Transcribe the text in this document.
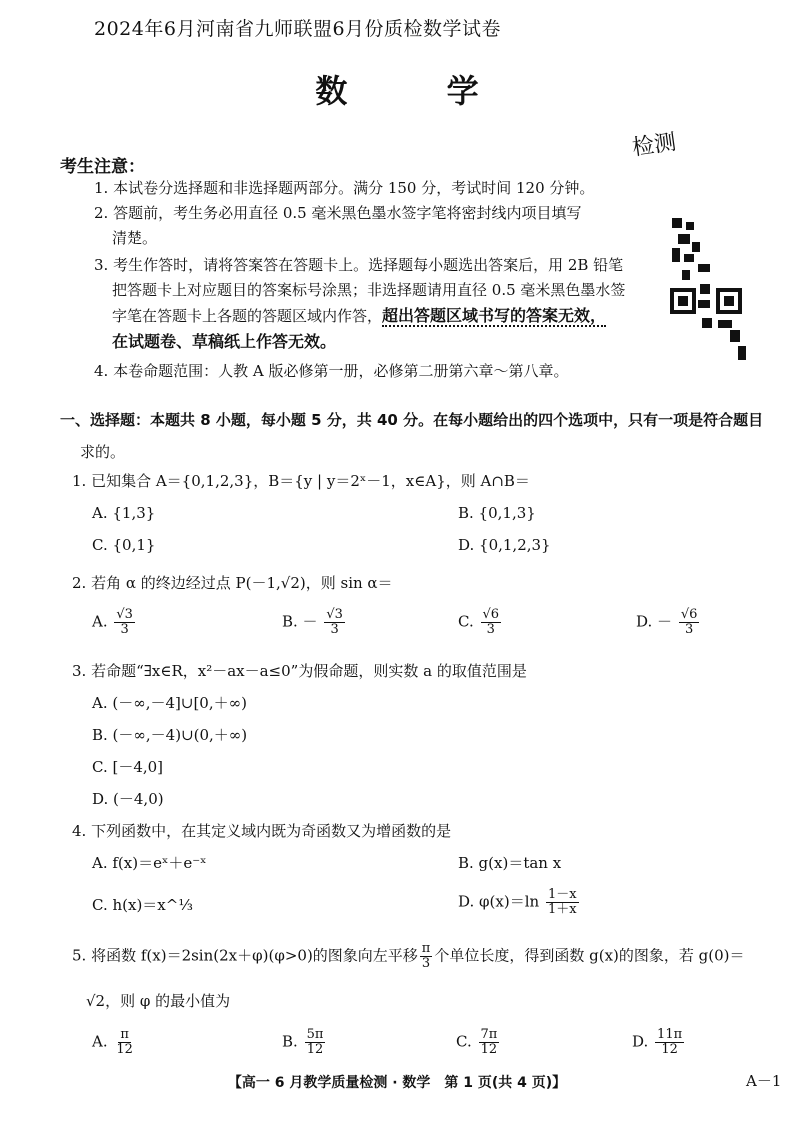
2024年6月河南省九师联盟6月份质检数学试卷
数 学
检测
考生注意：
1. 本试卷分选择题和非选择题两部分。满分 150 分，考试时间 120 分钟。
2. 答题前，考生务必用直径 0.5 毫米黑色墨水签字笔将密封线内项目填写
清楚。
3. 考生作答时，请将答案答在答题卡上。选择题每小题选出答案后，用 2B 铅笔
把答题卡上对应题目的答案标号涂黑；非选择题请用直径 0.5 毫米黑色墨水签
字笔在答题卡上各题的答题区域内作答，超出答题区域书写的答案无效，
在试题卷、草稿纸上作答无效。
4. 本卷命题范围：人教 A 版必修第一册，必修第二册第六章～第八章。
一、选择题：本题共 8 小题，每小题 5 分，共 40 分。在每小题给出的四个选项中，只有一项是符合题目
求的。
1. 已知集合 A＝{0,1,2,3}，B＝{y | y＝2ˣ－1，x∈A}，则 A∩B＝
A. {1,3}	B. {0,1,3}
C. {0,1}	D. {0,1,2,3}
2. 若角 α 的终边经过点 P(－1,√2)，则 sin α＝
A. $\frac{√3}{3}$	B. － $\frac{√3}{3}$	C. $\frac{√6}{3}$	D. － $\frac{√6}{3}$
3. 若命题“∃x∈R，x²－ax－a≤0”为假命题，则实数 a 的取值范围是
A. (－∞,－4]∪[0,＋∞)
B. (－∞,－4)∪(0,＋∞)
C. [－4,0]
D. (－4,0)
4. 下列函数中，在其定义域内既为奇函数又为增函数的是
A. f(x)＝eˣ＋e⁻ˣ	B. g(x)＝tan x
C. h(x)＝x^⅓	D. $\varphi(x)=\ln \frac{1-x}{1+x}$
5. 将函数 f(x)＝2sin(2x＋φ)(φ>0)的图象向左平移 $\frac{\pi}{3}$ 个单位长度，得到函数 g(x)的图象，若 g(0)＝
√2，则 φ 的最小值为
A. $\frac{\pi}{12}$	B. $\frac{5\pi}{12}$	C. $\frac{7\pi}{12}$	D. $\frac{11\pi}{12}$
【高一 6 月教学质量检测 · 数学　第 1 页(共 4 页)】	A－1
